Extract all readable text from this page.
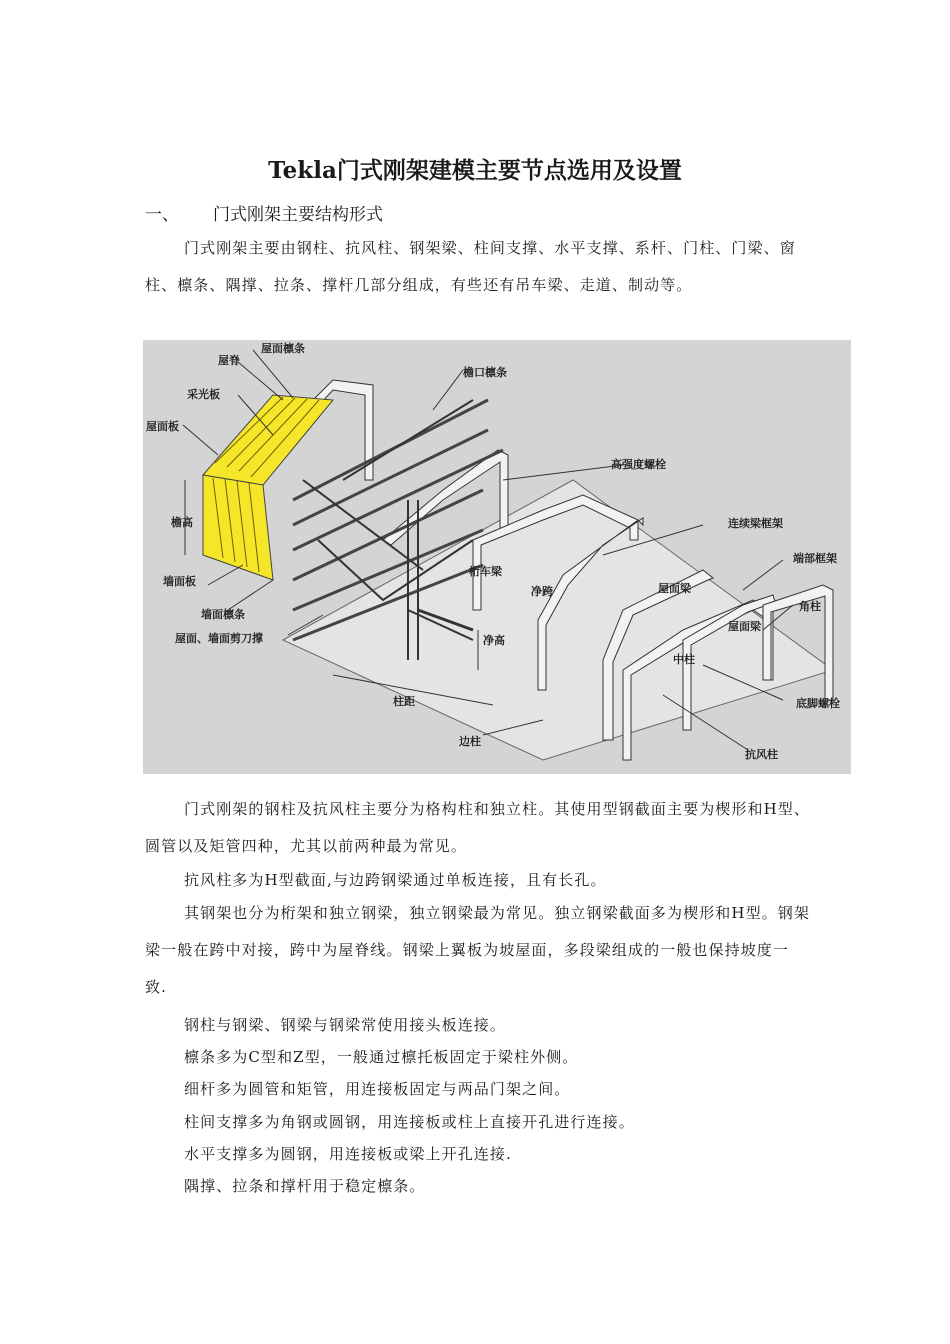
Tekla门式刚架建模主要节点选用及设置
一、 门式刚架主要结构形式

门式刚架主要由钢柱、抗风柱、钢架梁、柱间支撑、水平支撑、系杆、门柱、门梁、窗柱、檩条、隅撑、拉条、撑杆几部分组成，有些还有吊车梁、走道、制动等。

屋面檩条
屋脊
采光板
屋面板
檐高
墙面板
墙面檩条
屋面、墙面剪刀撑
檐口檩条
高强度螺栓
连续梁框架
端部框架
桁车梁
净跨	屋面梁
角柱
屋面梁
净高
中柱
柱距	底脚螺栓
边柱
抗风柱

门式刚架的钢柱及抗风柱主要分为格构柱和独立柱。其使用型钢截面主要为楔形和H型、圆管以及矩管四种，尤其以前两种最为常见。

抗风柱多为H型截面,与边跨钢梁通过单板连接，且有长孔。

其钢架也分为桁架和独立钢梁，独立钢梁最为常见。独立钢梁截面多为楔形和H型。钢架梁一般在跨中对接，跨中为屋脊线。钢梁上翼板为坡屋面，多段梁组成的一般也保持坡度一致.

钢柱与钢梁、钢梁与钢梁常使用接头板连接。

檩条多为C型和Z型，一般通过檩托板固定于梁柱外侧。

细杆多为圆管和矩管，用连接板固定与两品门架之间。

柱间支撑多为角钢或圆钢，用连接板或柱上直接开孔进行连接。

水平支撑多为圆钢，用连接板或梁上开孔连接.

隅撑、拉条和撑杆用于稳定檩条。
